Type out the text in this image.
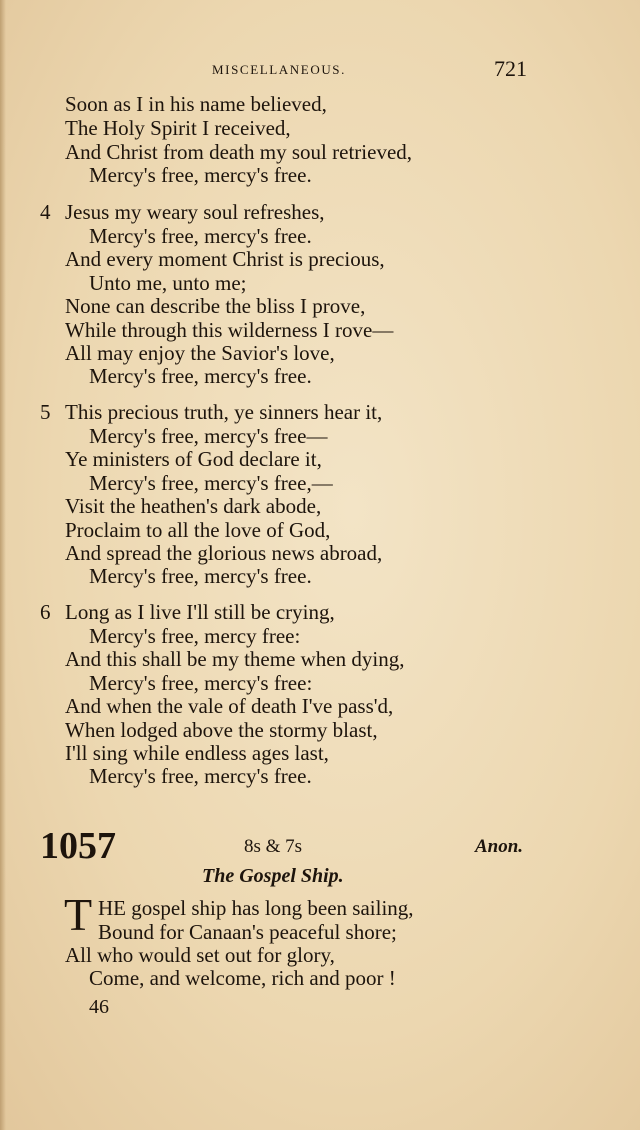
MISCELLANEOUS.	721
Soon as I in his name believed,
The Holy Spirit I received,
And Christ from death my soul retrieved,
Mercy's free, mercy's free.
4 Jesus my weary soul refreshes,
Mercy's free, mercy's free.
And every moment Christ is precious,
Unto me, unto me;
None can describe the bliss I prove,
While through this wilderness I rove—
All may enjoy the Savior's love,
Mercy's free, mercy's free.
5 This precious truth, ye sinners hear it,
Mercy's free, mercy's free—
Ye ministers of God declare it,
Mercy's free, mercy's free,—
Visit the heathen's dark abode,
Proclaim to all the love of God,
And spread the glorious news abroad,
Mercy's free, mercy's free.
6 Long as I live I'll still be crying,
Mercy's free, mercy free:
And this shall be my theme when dying,
Mercy's free, mercy's free:
And when the vale of death I've pass'd,
When lodged above the stormy blast,
I'll sing while endless ages last,
Mercy's free, mercy's free.
1057	8s & 7s	Anon.
The Gospel Ship.
T HE gospel ship has long been sailing,
Bound for Canaan's peaceful shore;
All who would set out for glory,
Come, and welcome, rich and poor !
46
